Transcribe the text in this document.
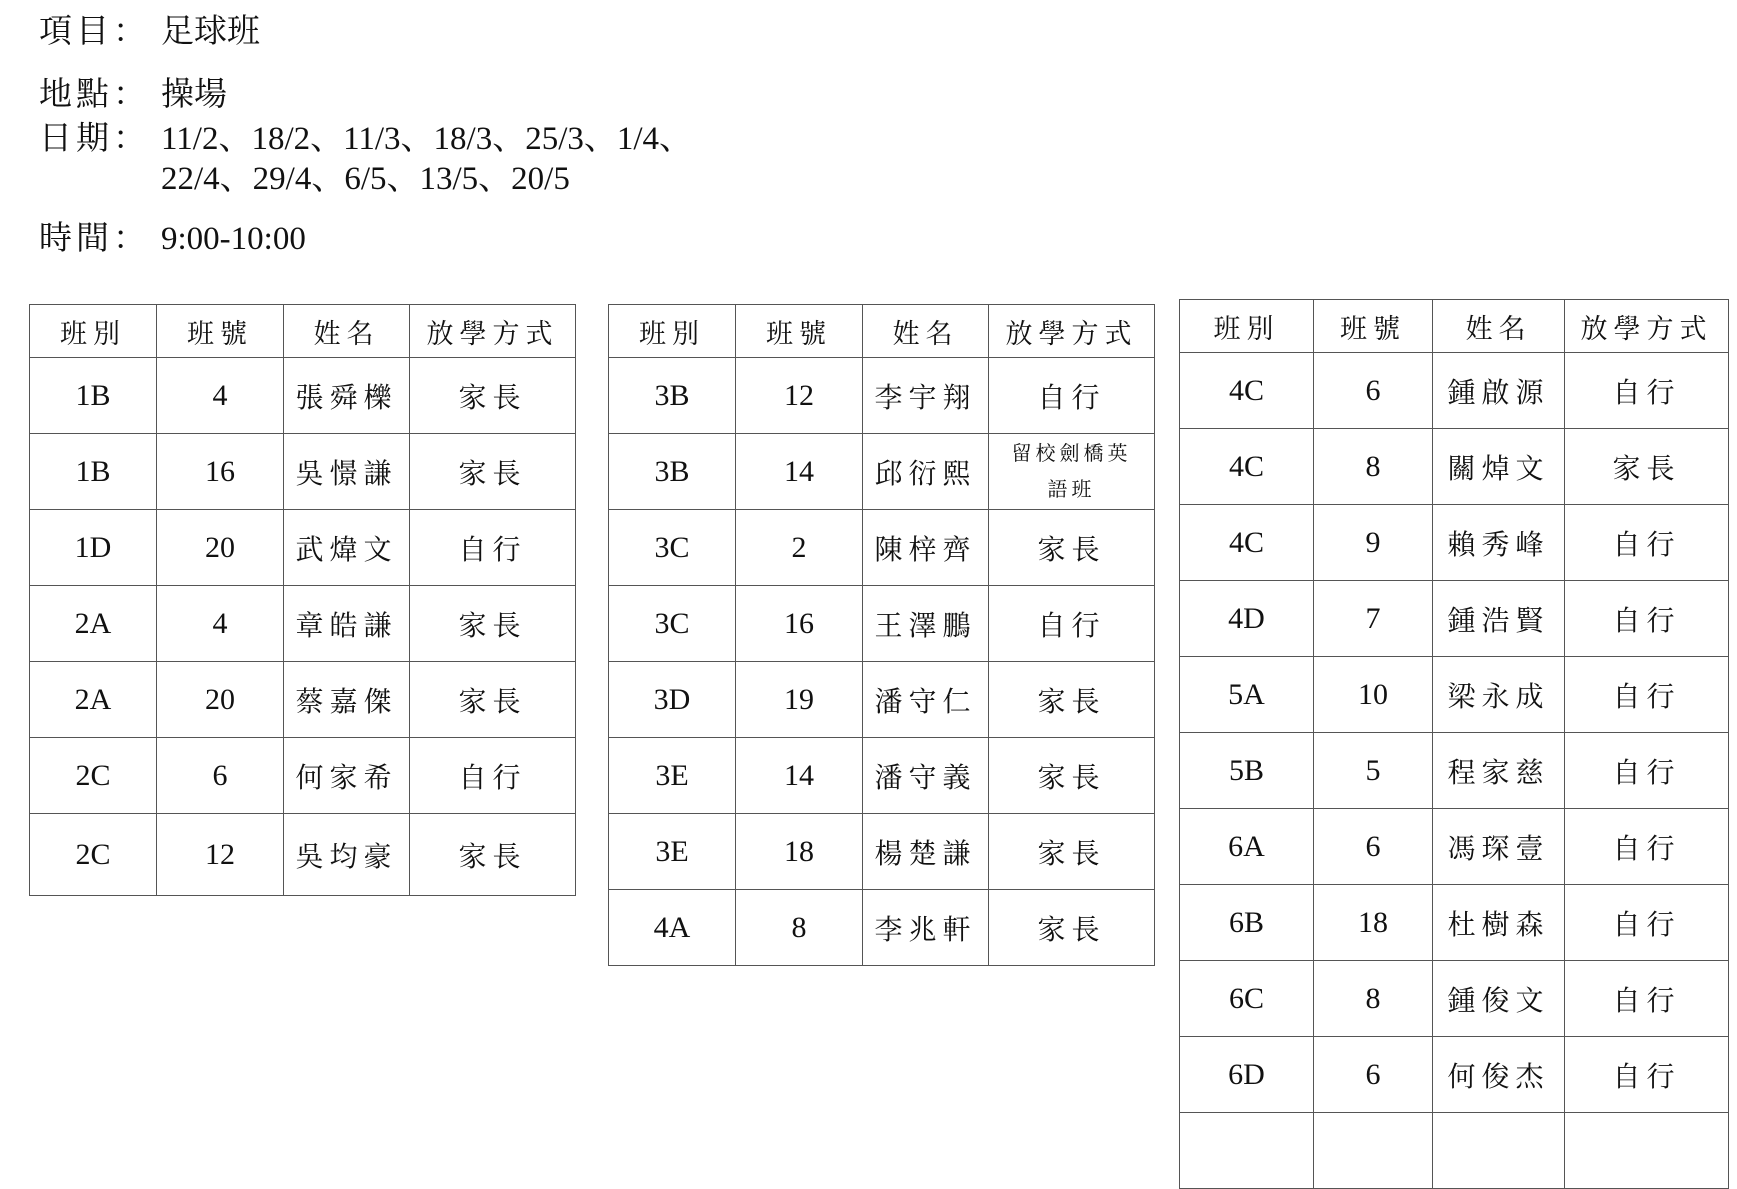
項目： 足球班
地點： 操場
日期： 11/2、18/2、11/3、18/3、25/3、1/4、
22/4、29/4、6/5、13/5、20/5
時間： 9:00-10:00
班別	班號	姓名	放學方式
1B	4	張舜櫟	家長
1B	16	吳憬謙	家長
1D	20	武煒文	自行
2A	4	章皓謙	家長
2A	20	蔡嘉傑	家長
2C	6	何家希	自行
2C	12	吳均豪	家長
班別	班號	姓名	放學方式
3B	12	李宇翔	自行
3B	14	邱衍熙	留校劍橋英
語班
3C	2	陳梓齊	家長
3C	16	王澤鵬	自行
3D	19	潘守仁	家長
3E	14	潘守義	家長
3E	18	楊楚謙	家長
4A	8	李兆軒	家長
班別	班號	姓名	放學方式
4C	6	鍾啟源	自行
4C	8	關焯文	家長
4C	9	賴秀峰	自行
4D	7	鍾浩賢	自行
5A	10	梁永成	自行
5B	5	程家慈	自行
6A	6	馮琛壹	自行
6B	18	杜樹森	自行
6C	8	鍾俊文	自行
6D	6	何俊杰	自行
